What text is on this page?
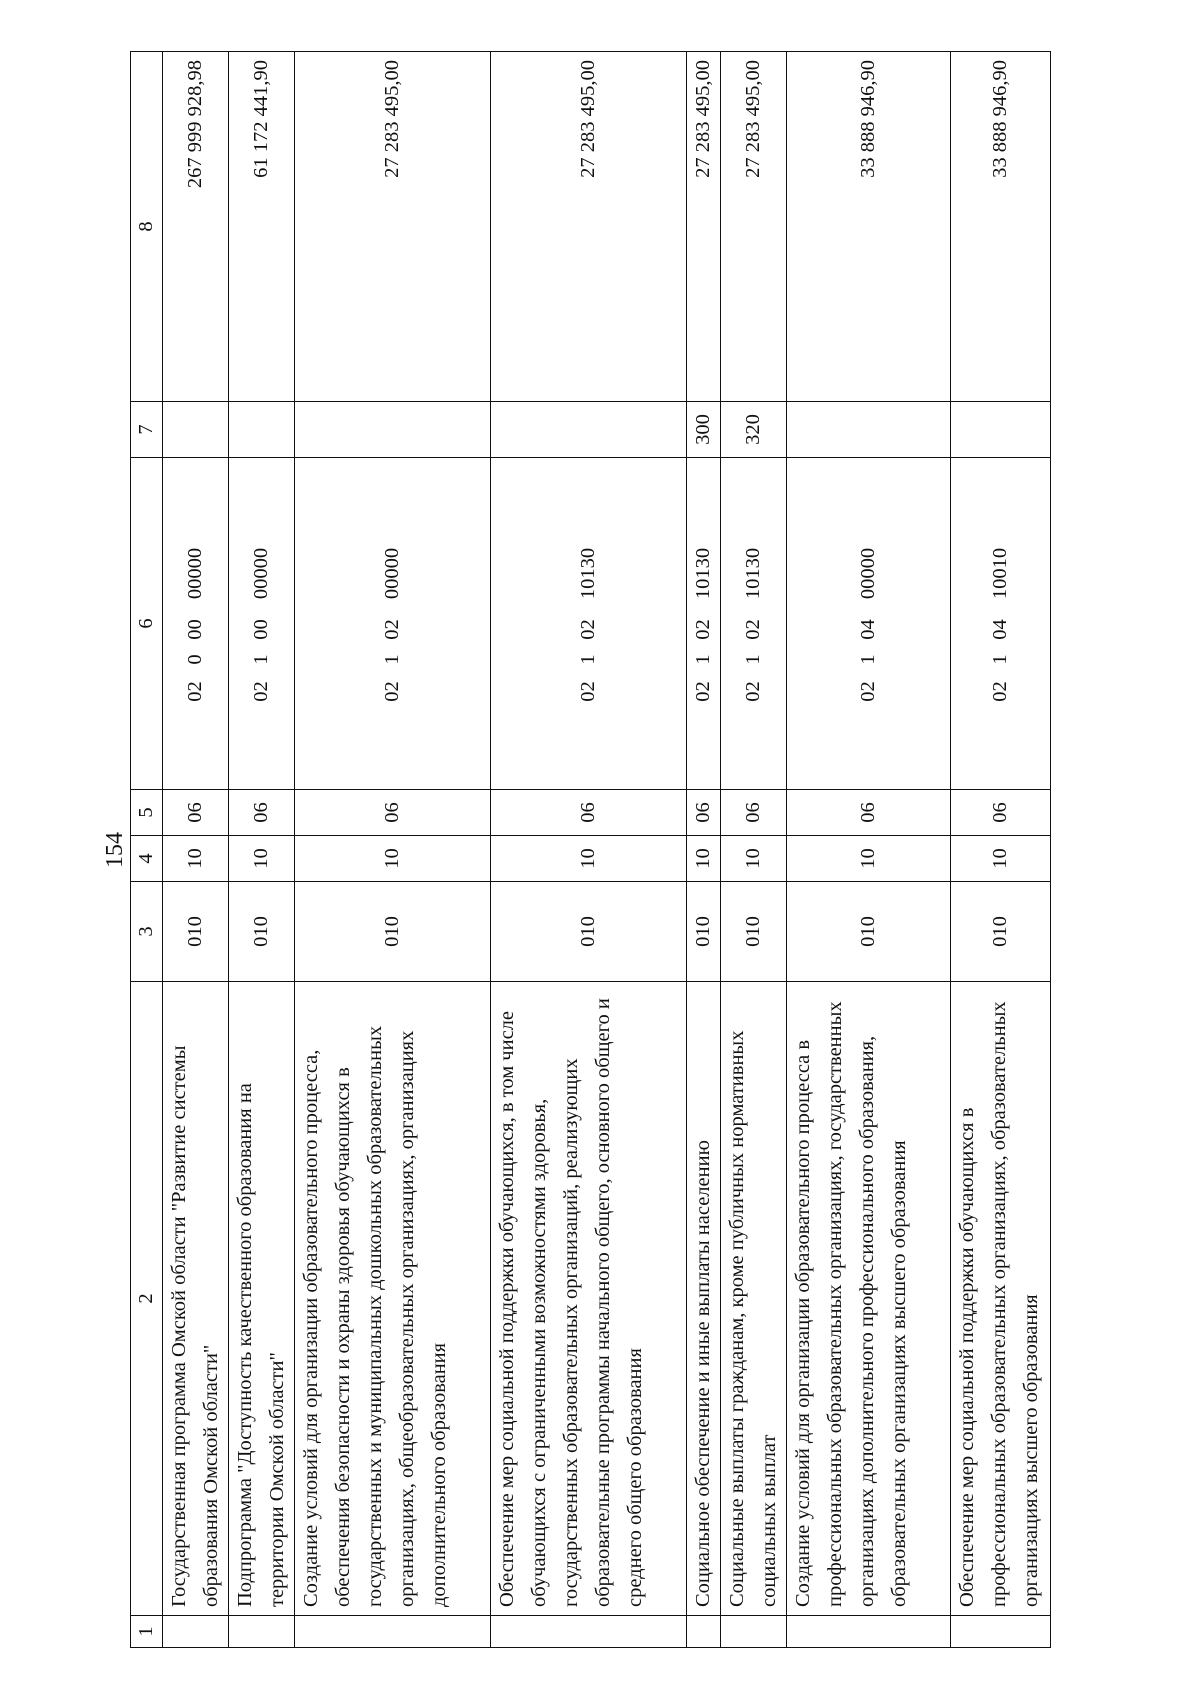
154
1	2	3	4	5	6	7	8
	Государственная программа Омской области "Развитие системы образования Омской области"	010	10	06	0200000000		267 999 928,98
	Подпрограмма "Доступность качественного образования на территории Омской области"	010	10	06	0210000000		61 172 441,90
	Создание условий для организации образовательного процесса, обеспечения безопасности и охраны здоровья обучающихся в государственных и муниципальных дошкольных образовательных организациях, общеобразовательных организациях, организациях дополнительного образования	010	10	06	0210200000		27 283 495,00
	Обеспечение мер социальной поддержки обучающихся, в том числе обучающихся с ограниченными возможностями здоровья, государственных образовательных организаций, реализующих образовательные программы начального общего, основного общего и среднего общего образования	010	10	06	0210210130		27 283 495,00
	Социальное обеспечение и иные выплаты населению	010	10	06	0210210130	300	27 283 495,00
	Социальные выплаты гражданам, кроме публичных нормативных социальных выплат	010	10	06	0210210130	320	27 283 495,00
	Создание условий для организации образовательного процесса в профессиональных образовательных организациях, государственных организациях дополнительного профессионального образования, образовательных организациях высшего образования	010	10	06	0210400000		33 888 946,90
	Обеспечение мер социальной поддержки обучающихся в профессиональных образовательных организациях, образовательных организациях высшего образования	010	10	06	0210410010		33 888 946,90
